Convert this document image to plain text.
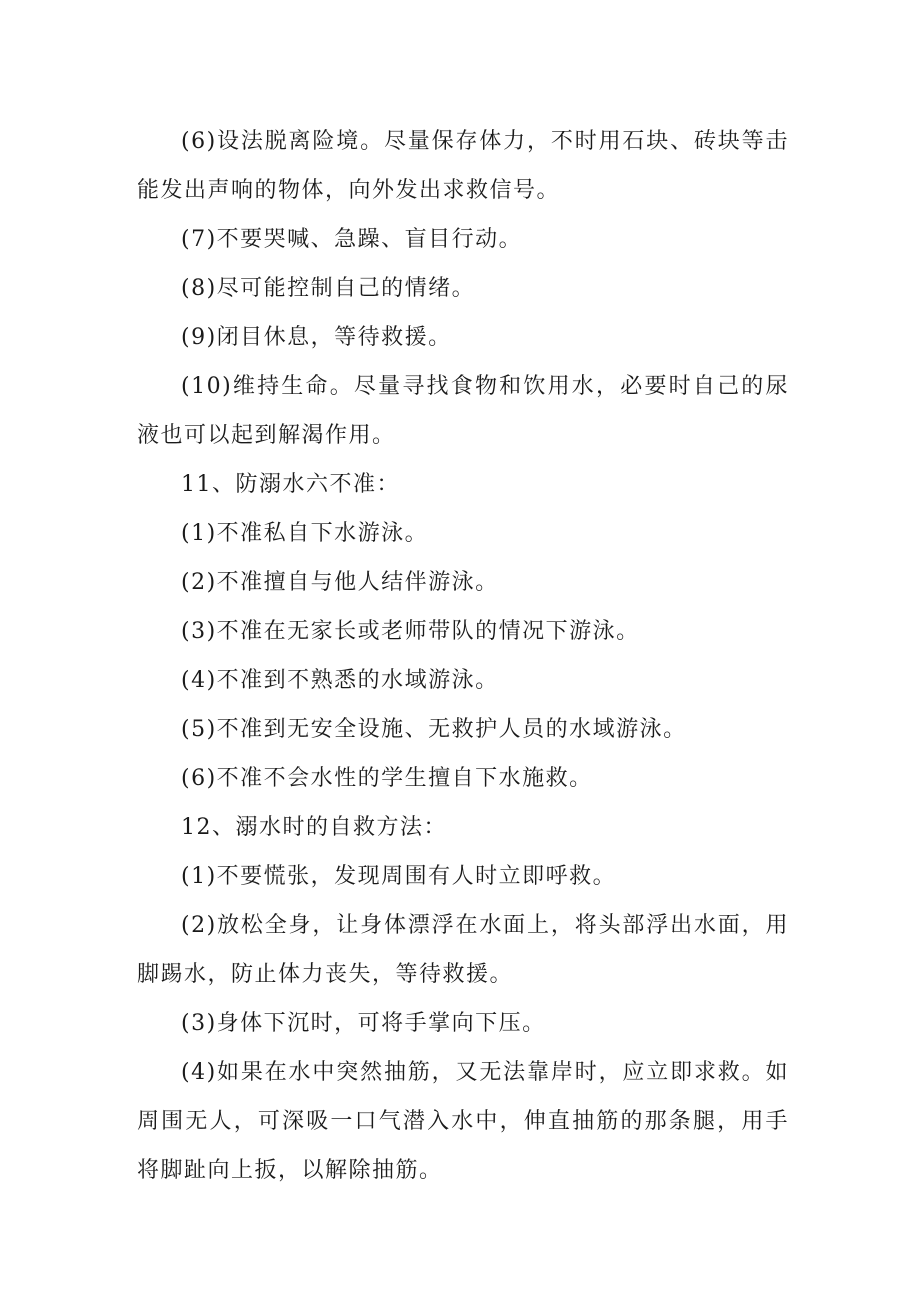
(6)设法脱离险境。尽量保存体力，不时用石块、砖块等击能发出声响的物体，向外发出求救信号。

(7)不要哭喊、急躁、盲目行动。

(8)尽可能控制自己的情绪。

(9)闭目休息，等待救援。

(10)维持生命。尽量寻找食物和饮用水，必要时自己的尿液也可以起到解渴作用。

11、防溺水六不准：

(1)不准私自下水游泳。

(2)不准擅自与他人结伴游泳。

(3)不准在无家长或老师带队的情况下游泳。

(4)不准到不熟悉的水域游泳。

(5)不准到无安全设施、无救护人员的水域游泳。

(6)不准不会水性的学生擅自下水施救。

12、溺水时的自救方法：

(1)不要慌张，发现周围有人时立即呼救。

(2)放松全身，让身体漂浮在水面上，将头部浮出水面，用脚踢水，防止体力丧失，等待救援。

(3)身体下沉时，可将手掌向下压。

(4)如果在水中突然抽筋，又无法靠岸时，应立即求救。如周围无人，可深吸一口气潜入水中，伸直抽筋的那条腿，用手将脚趾向上扳，以解除抽筋。
